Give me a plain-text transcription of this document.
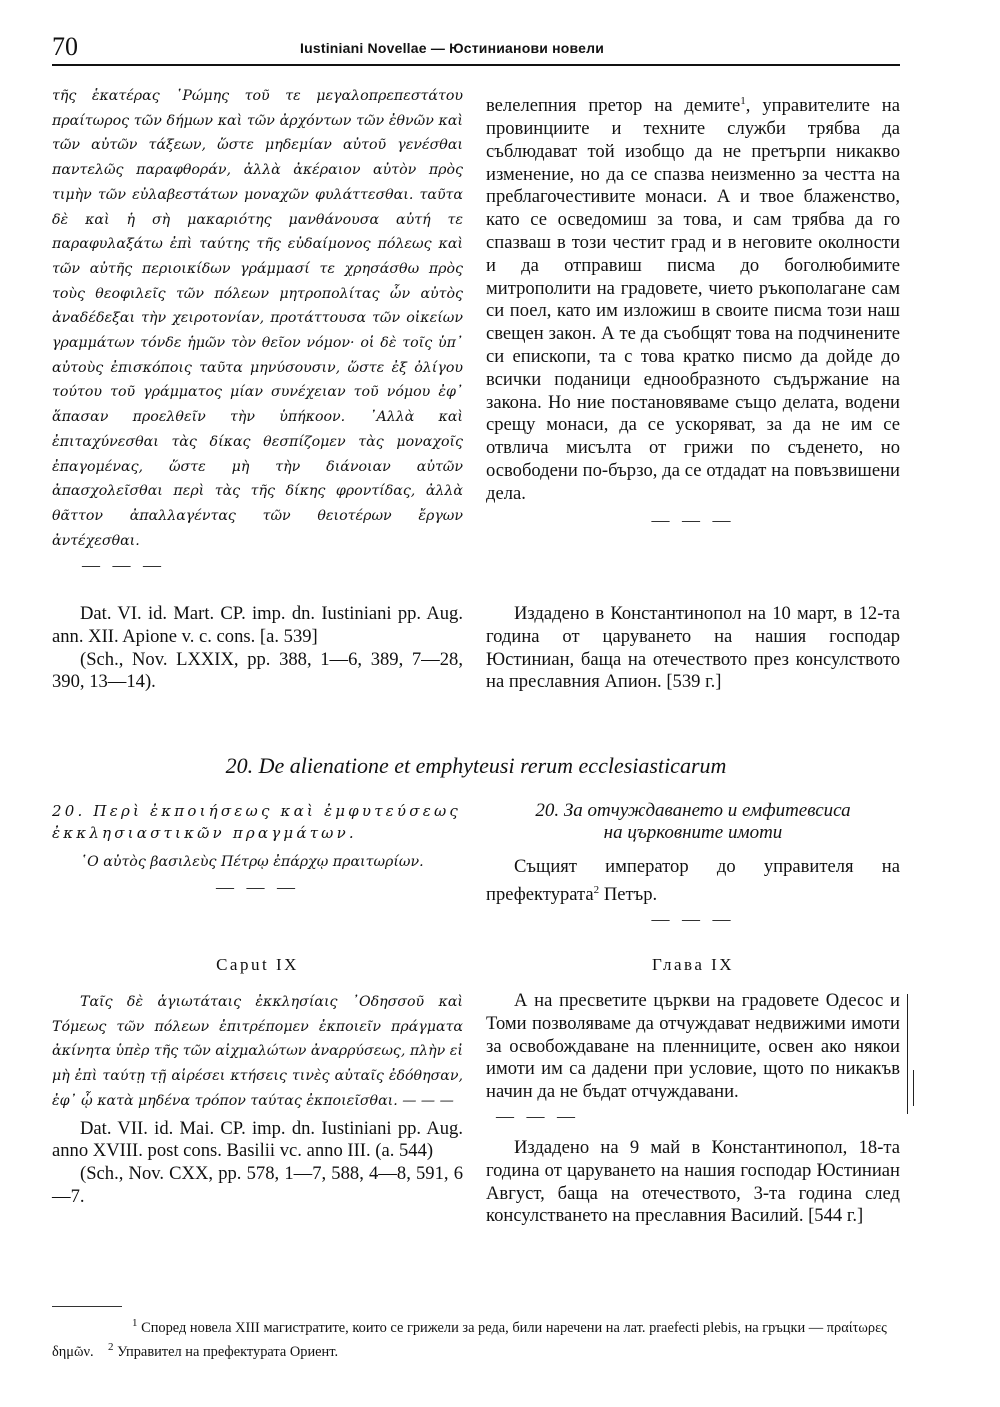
70	Iustiniani Novellae — Юстинианови новели

τῆς ἑκατέρας ῾Ρώμης τοῦ τε μεγαλοπρεπεστάτου πραίτωρος τῶν δήμων καὶ τῶν ἀρχόντων τῶν ἐθνῶν καὶ τῶν αὐτῶν τάξεων, ὥστε μηδεμίαν αὐτοῦ γενέσθαι παντελῶς παραφθοράν, ἀλλὰ ἀκέραιον αὐτὸν πρὸς τιμὴν τῶν εὐλαβεστάτων μοναχῶν φυλάττεσθαι. ταῦτα δὲ καὶ ἡ σὴ μακαριότης μανθάνουσα αὐτή τε παραφυλαξάτω ἐπὶ ταύτης τῆς εὐδαίμονος πόλεως καὶ τῶν αὐτῆς περιοικίδων γράμμασί τε χρησάσθω πρὸς τοὺς θεοφιλεῖς τῶν πόλεων μητροπολίτας ὧν αὐτὸς ἀναδέδεξαι τὴν χειροτονίαν, προτάττουσα τῶν οἰκείων γραμμάτων τόνδε ἡμῶν τὸν θεῖον νόμον· οἱ δὲ τοῖς ὑπ᾽ αὐτοὺς ἐπισκόποις ταῦτα μηνύσουσιν, ὥστε ἐξ ὀλίγου τούτου τοῦ γράμματος μίαν συνέχειαν τοῦ νόμου ἐφ᾽ ἅπασαν προελθεῖν τὴν ὑπήκοον. ᾽Αλλὰ καὶ ἐπιταχύνεσθαι τὰς δίκας θεσπίζομεν τὰς μοναχοῖς ἐπαγομένας, ὥστε μὴ τὴν διάνοιαν αὐτῶν ἀπασχολεῖσθαι περὶ τὰς τῆς δίκης φροντίδας, ἀλλὰ θᾶττον ἀπαλλαγέντας τῶν θειοτέρων ἔργων ἀντέχεσθαι.

— — —

Dat. VI. id. Mart. CP. imp. dn. Iustiniani pp. Aug. ann. XII. Apione v. c. cons. [a. 539]

(Sch., Nov. LXXIX, pp. 388, 1—6, 389, 7—28, 390, 13—14).

велелепния претор на демите$^1$, управителите на провинциите и техните служби трябва да съблюдават той изобщо да не претърпи никакво изменение, но да се спазва неизменно за честта на преблагочестивите монаси. А и твое блаженство, като се осведомиш за това, и сам трябва да го спазваш в този честит град и в неговите околности и да отправиш писма до боголюбимите митрополити на градовете, чието ръкополагане сам си поел, като им изложиш в своите писма този наш свещен закон. А те да съобщят това на подчинените си епископи, та с това кратко писмо да дойде до всички поданици еднообразното съдържание на закона. Но ние постановяваме също делата, водени срещу монаси, да се ускоряват, за да не им се отвлича мисълта от грижи по съденето, но освободени по-бързо, да се отдадат на повъзвишени дела.

— — —

Издадено в Константинопол на 10 март, в 12-та година от царуването на нашия господар Юстиниан, баща на отечеството през консулството на преславния Апион. [539 г.]

20. De alienatione et emphyteusi rerum ecclesiasticarum

20. Περὶ ἐκποιήσεως καὶ ἐμφυτεύσεως ἐκκλησιαστικῶν πραγμάτων.

῾Ο αὐτὸς βασιλεὺς Πέτρῳ ἐπάρχῳ πραιτωρίων.

— — —
Caput IX

Ταῖς δὲ ἁγιωτάταις ἐκκλησίαις ᾽Οδησσοῦ καὶ Τόμεως τῶν πόλεων ἐπιτρέπομεν ἐκποιεῖν πράγματα ἀκίνητα ὑπὲρ τῆς τῶν αἰχμαλώτων ἀναρρύσεως, πλὴν εἰ μὴ ἐπὶ ταύτῃ τῇ αἱρέσει κτήσεις τινὲς αὐταῖς ἐδόθησαν, ἐφ᾽ ᾧ κατὰ μηδένα τρόπον ταύτας ἐκποιεῖσθαι. — — —

Dat. VII. id. Mai. CP. imp. dn. Iustiniani pp. Aug. anno XVIII. post cons. Basilii vc. anno III. (a. 544)

(Sch., Nov. CXX, pp. 578, 1—7, 588, 4—8, 591, 6—7.

20. За отчуждаването и емфитевсиса
на църковните имоти

Същият император до управителя на префектурата$^2$ Петър.

— — —
Глава IX

А на пресветите църкви на градовете Одесос и Томи позволяваме да отчуждават недвижими имоти за освобождаване на пленниците, освен ако някои имоти им са дадени при условие, щото по никакъв начин да не бъдат отчуждавани.

— — —

Издадено на 9 май в Константинопол, 18-та година от царуването на нашия господар Юстиниан Август, баща на отечеството, 3-та година след консулстването на преславния Василий. [544 г.]

$^1$ Според новела XIII магистратите, които се грижели за реда, били наречени на лат. praefecti plebis, на гръцки — πραίτωρες δημῶν. $^2$ Управител на префектурата Ориент.
